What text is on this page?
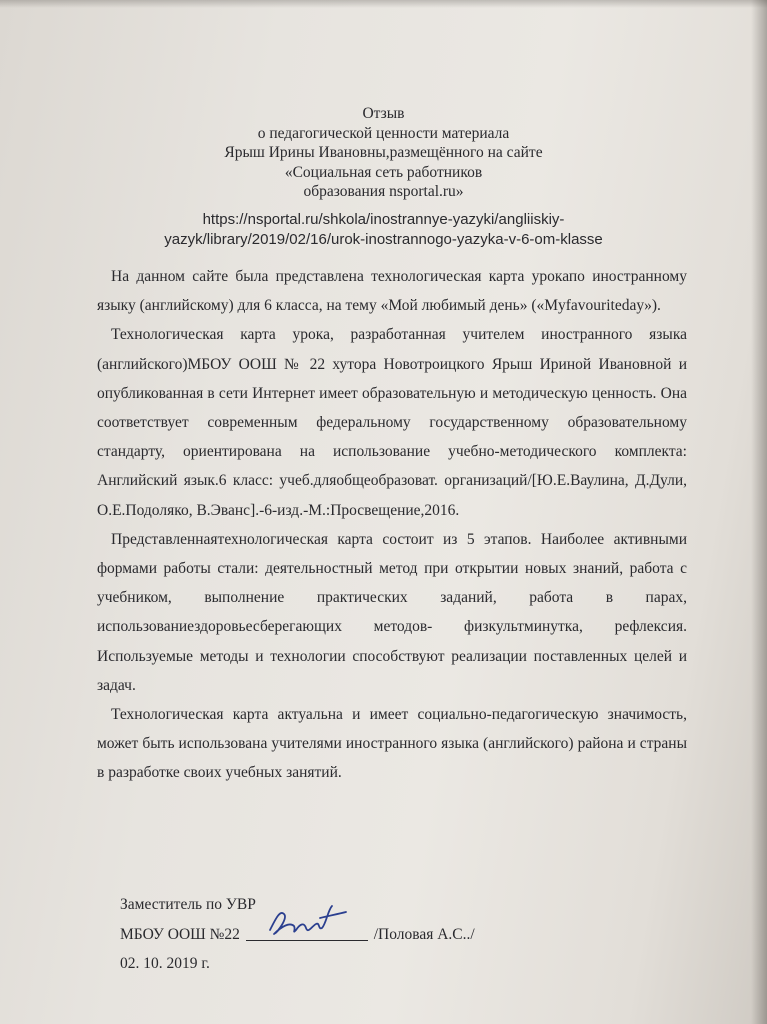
Отзыв
о педагогической ценности материала
Ярыш Ирины Ивановны,размещённого на сайте
«Социальная сеть работников
образования nsportal.ru»
https://nsportal.ru/shkola/inostrannye-yazyki/angliiskiy-
yazyk/library/2019/02/16/urok-inostrannogo-yazyka-v-6-om-klasse

На данном сайте была представлена технологическая карта урокапо иностранному языку (английскому) для 6 класса, на тему «Мой любимый день» («Myfavouriteday»).

Технологическая карта урока, разработанная учителем иностранного языка (английского)МБОУ ООШ № 22 хутора Новотроицкого Ярыш Ириной Ивановной и опубликованная в сети Интернет имеет образовательную и методическую ценность. Она соответствует современным федеральному государственному образовательному стандарту, ориентирована на использование учебно-методического комплекта: Английский язык.6 класс: учеб.дляобщеобразоват. организаций/[Ю.Е.Ваулина, Д.Дули, О.Е.Подоляко, В.Эванс].-6-изд.-М.:Просвещение,2016.

Представленнаятехнологическая карта состоит из 5 этапов. Наиболее активными формами работы стали: деятельностный метод при открытии новых знаний, работа с учебником, выполнение практических заданий, работа в парах, использованиездоровьесберегающих методов- физкультминутка, рефлексия. Используемые методы и технологии способствуют реализации поставленных целей и задач.

Технологическая карта актуальна и имеет социально-педагогическую значимость, может быть использована учителями иностранного языка (английского) района и страны в разработке своих учебных занятий.

Заместитель по УВР
МБОУ ООШ №22	/Половая А.С../
02. 10. 2019 г.
